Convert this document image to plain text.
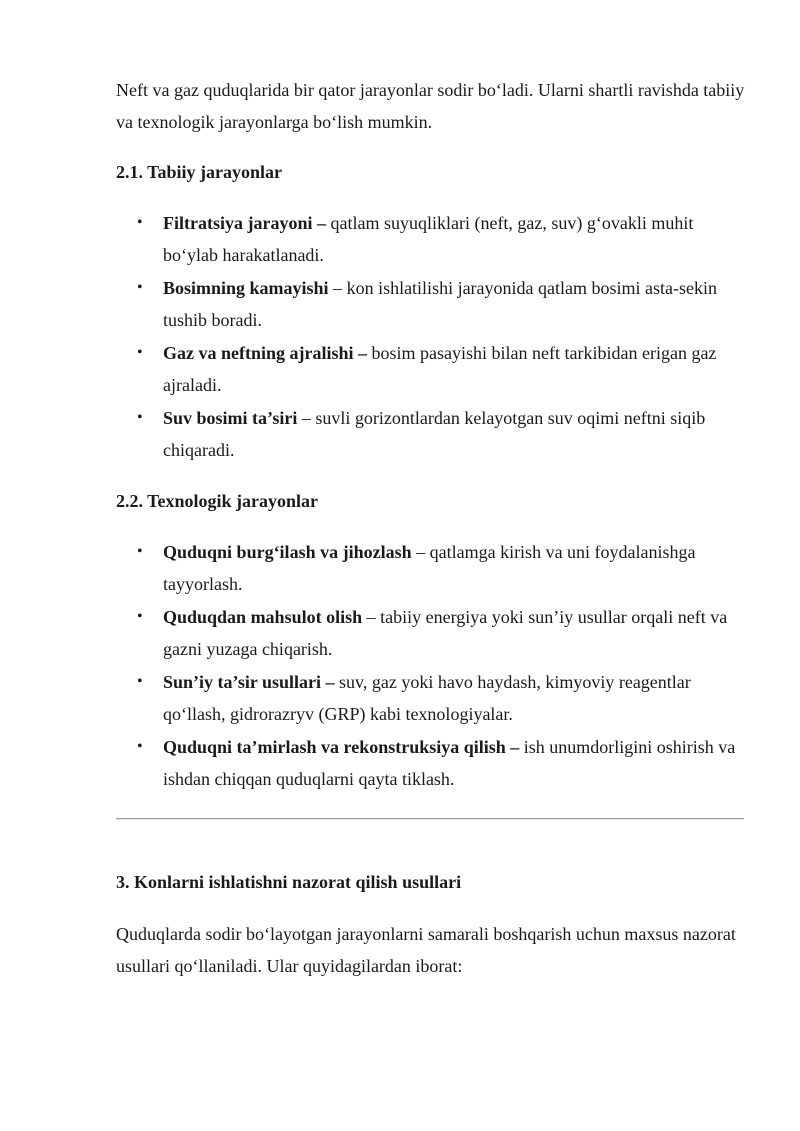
Neft va gaz quduqlarida bir qator jarayonlar sodir bo‘ladi. Ularni shartli ravishda tabiiy va texnologik jarayonlarga bo‘lish mumkin.

2.1. Tabiiy jarayonlar
• Filtratsiya jarayoni – qatlam suyuqliklari (neft, gaz, suv) g‘ovakli muhit bo‘ylab harakatlanadi.
• Bosimning kamayishi – kon ishlatilishi jarayonida qatlam bosimi asta-sekin tushib boradi.
• Gaz va neftning ajralishi – bosim pasayishi bilan neft tarkibidan erigan gaz ajraladi.
• Suv bosimi ta’siri – suvli gorizontlardan kelayotgan suv oqimi neftni siqib chiqaradi.
2.2. Texnologik jarayonlar
• Quduqni burg‘ilash va jihozlash – qatlamga kirish va uni foydalanishga tayyorlash.
• Quduqdan mahsulot olish – tabiiy energiya yoki sun’iy usullar orqali neft va gazni yuzaga chiqarish.
• Sun’iy ta’sir usullari – suv, gaz yoki havo haydash, kimyoviy reagentlar qo‘llash, gidrorazryv (GRP) kabi texnologiyalar.
• Quduqni ta’mirlash va rekonstruksiya qilish – ish unumdorligini oshirish va ishdan chiqqan quduqlarni qayta tiklash.
3. Konlarni ishlatishni nazorat qilish usullari

Quduqlarda sodir bo‘layotgan jarayonlarni samarali boshqarish uchun maxsus nazorat usullari qo‘llaniladi. Ular quyidagilardan iborat:
